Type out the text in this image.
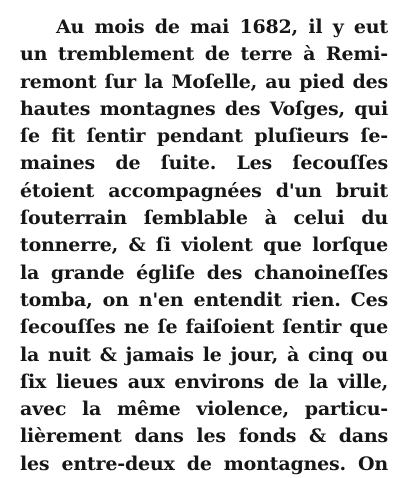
Au mois de mai 1682, il y eut
un tremblement de terre à Remi-
remont ſur la Moſelle, au pied des
hautes montagnes des Voſges, qui
ſe fit ſentir pendant pluſieurs ſe-
maines de ſuite. Les ſecouſſes
étoient accompagnées d'un bruit
ſouterrain ſemblable à celui du
tonnerre, & ſi violent que lorſque
la grande égliſe des chanoineſſes
tomba, on n'en entendit rien. Ces
ſecouſſes ne ſe faiſoient ſentir que
la nuit & jamais le jour, à cinq ou
ſix lieues aux environs de la ville,
avec la même violence, particu-
lièrement dans les fonds & dans
les entre-deux de montagnes. On
